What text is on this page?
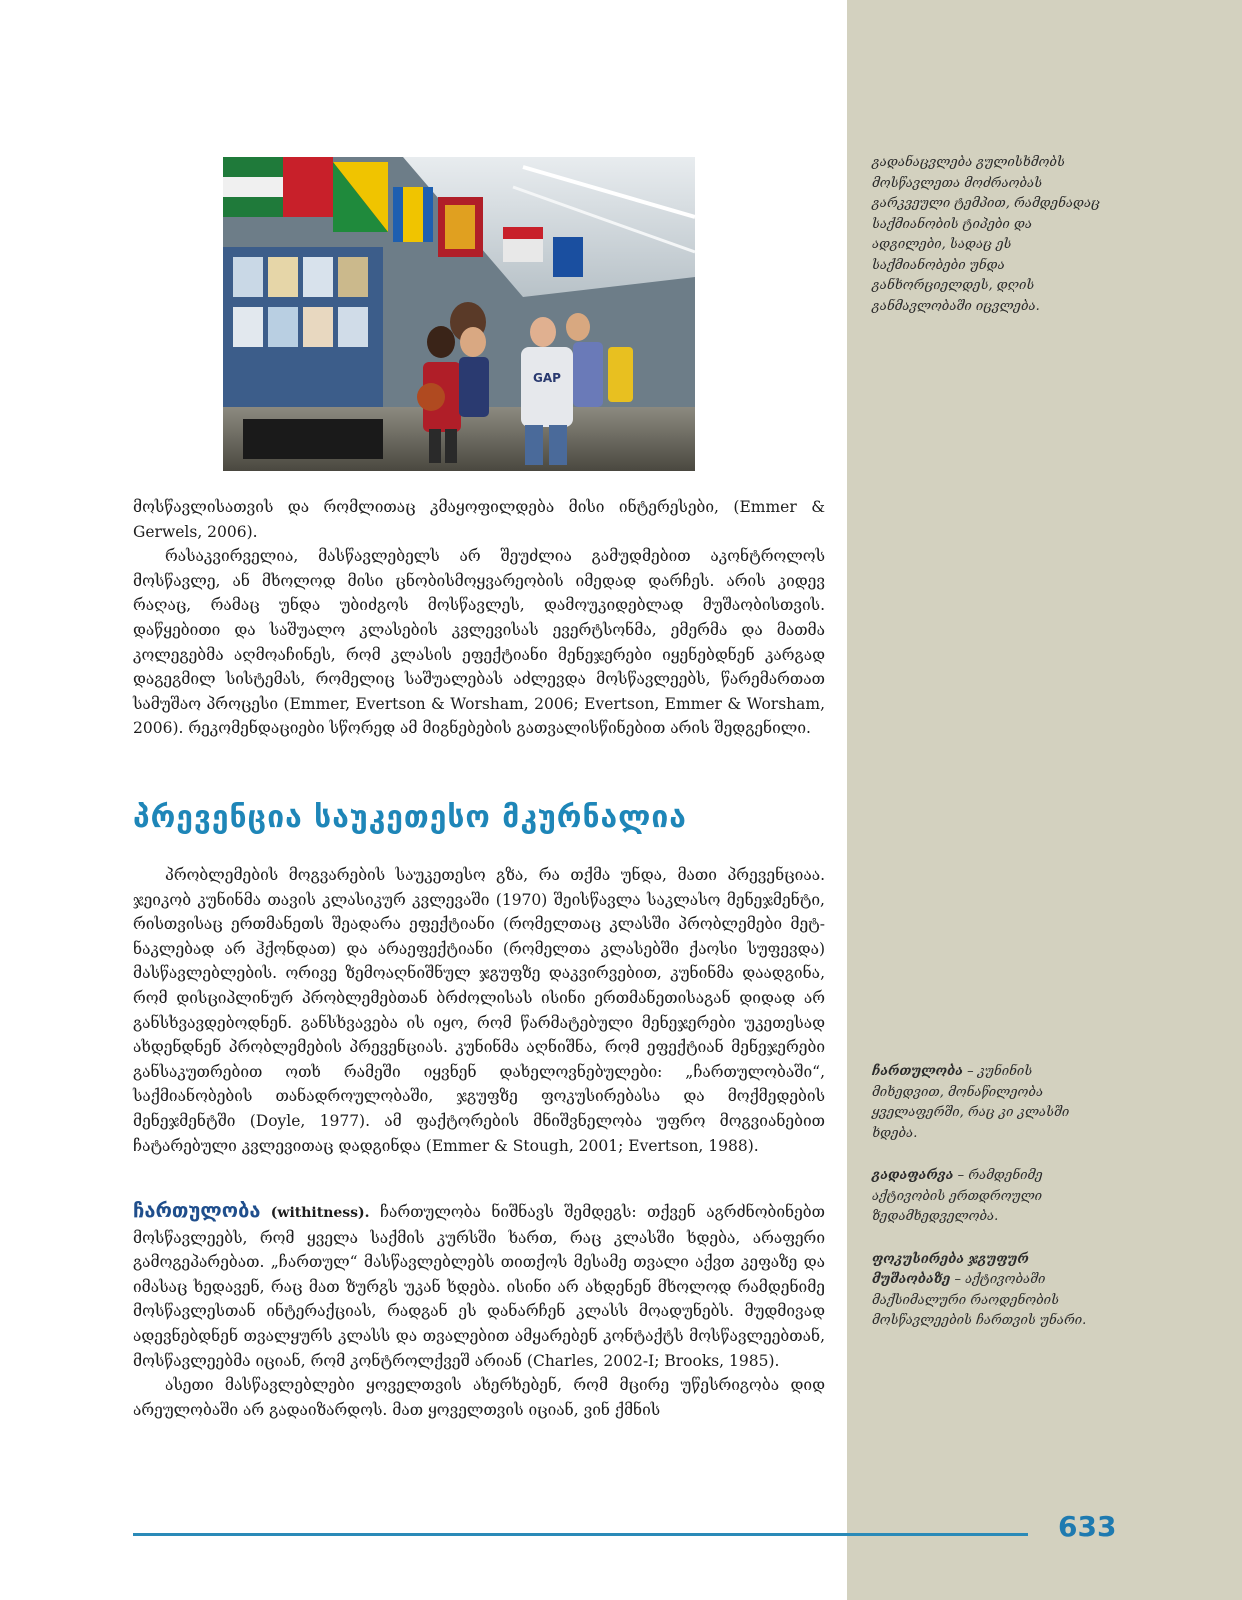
გადანაცვლება გულისხმობს მოსწავლეთა მოძრაობას გარკვეული ტემპით, რამდენადაც საქმიანობის ტიპები და ადგილები, სადაც ეს საქმიანობები უნდა განხორციელდეს, დღის განმავლობაში იცვლება.

ჩართულობა – კუნინის მიხედვით, მონაწილეობა ყველაფერში, რაც კი კლასში ხდება.

გადაფარვა – რამდენიმე აქტივობის ერთდროული ზედამხედველობა.

ფოკუსირება ჯგუფურ მუშაობაზე – აქტივობაში მაქსიმალური რაოდენობის მოსწავლეების ჩართვის უნარი.

GAP

მოსწავლისათვის და რომლითაც კმაყოფილდება მისი ინტერესები, (Emmer & Gerwels, 2006).

რასაკვირველია, მასწავლებელს არ შეუძლია გამუდმებით აკონტროლოს მოსწავლე, ან მხოლოდ მისი ცნობისმოყვარეობის იმედად დარჩეს. არის კიდევ რაღაც, რამაც უნდა უბიძგოს მოსწავლეს, დამოუკიდებლად მუშაობისთვის. დაწყებითი და საშუალო კლასების კვლევისას ევერტსონმა, ემერმა და მათმა კოლეგებმა აღმოაჩინეს, რომ კლასის ეფექტიანი მენეჯერები იყენებდნენ კარგად დაგეგმილ სისტემას, რომელიც საშუალებას აძლევდა მოსწავლეებს, წარემართათ სამუშაო პროცესი (Emmer, Evertson & Worsham, 2006; Evertson, Emmer & Worsham, 2006). რეკომენდაციები სწორედ ამ მიგნებების გათვალისწინებით არის შედგენილი.

პრევენცია საუკეთესო მკურნალია

პრობლემების მოგვარების საუკეთესო გზა, რა თქმა უნდა, მათი პრევენციაა. ჯეიკობ კუნინმა თავის კლასიკურ კვლევაში (1970) შეისწავლა საკლასო მენეჯმენტი, რისთვისაც ერთმანეთს შეადარა ეფექტიანი (რომელთაც კლასში პრობლემები მეტ-ნაკლებად არ ჰქონდათ) და არაეფექტიანი (რომელთა კლასებში ქაოსი სუფევდა) მასწავლებლების. ორივე ზემოაღნიშნულ ჯგუფზე დაკვირვებით, კუნინმა დაადგინა, რომ დისციპლინურ პრობლემებთან ბრძოლისას ისინი ერთმანეთისაგან დიდად არ განსხვავდებოდნენ. განსხვავება ის იყო, რომ წარმატებული მენეჯერები უკეთესად ახდენდნენ პრობლემების პრევენციას. კუნინმა აღნიშნა, რომ ეფექტიან მენეჯერები განსაკუთრებით ოთხ რამეში იყვნენ დახელოვნებულები: „ჩართულობაში“, საქმიანობების თანადროულობაში, ჯგუფზე ფოკუსირებასა და მოქმედების მენეჯმენტში (Doyle, 1977). ამ ფაქტორების მნიშვნელობა უფრო მოგვიანებით ჩატარებული კვლევითაც დადგინდა (Emmer & Stough, 2001; Evertson, 1988).

ჩართულობა (withitness). ჩართულობა ნიშნავს შემდეგს: თქვენ აგრძნობინებთ მოსწავლეებს, რომ ყველა საქმის კურსში ხართ, რაც კლასში ხდება, არაფერი გამოგეპარებათ. „ჩართულ“ მასწავლებლებს თითქოს მესამე თვალი აქვთ კეფაზე და იმასაც ხედავენ, რაც მათ ზურგს უკან ხდება. ისინი არ ახდენენ მხოლოდ რამდენიმე მოსწავლესთან ინტერაქციას, რადგან ეს დანარჩენ კლასს მოადუნებს. მუდმივად ადევნებდნენ თვალყურს კლასს და თვალებით ამყარებენ კონტაქტს მოსწავლეებთან, მოსწავლეებმა იციან, რომ კონტროლქვეშ არიან (Charles, 2002-I; Brooks, 1985).

ასეთი მასწავლებლები ყოველთვის ახერხებენ, რომ მცირე უწესრიგობა დიდ არეულობაში არ გადაიზარდოს. მათ ყოველთვის იციან, ვინ ქმნის

633
